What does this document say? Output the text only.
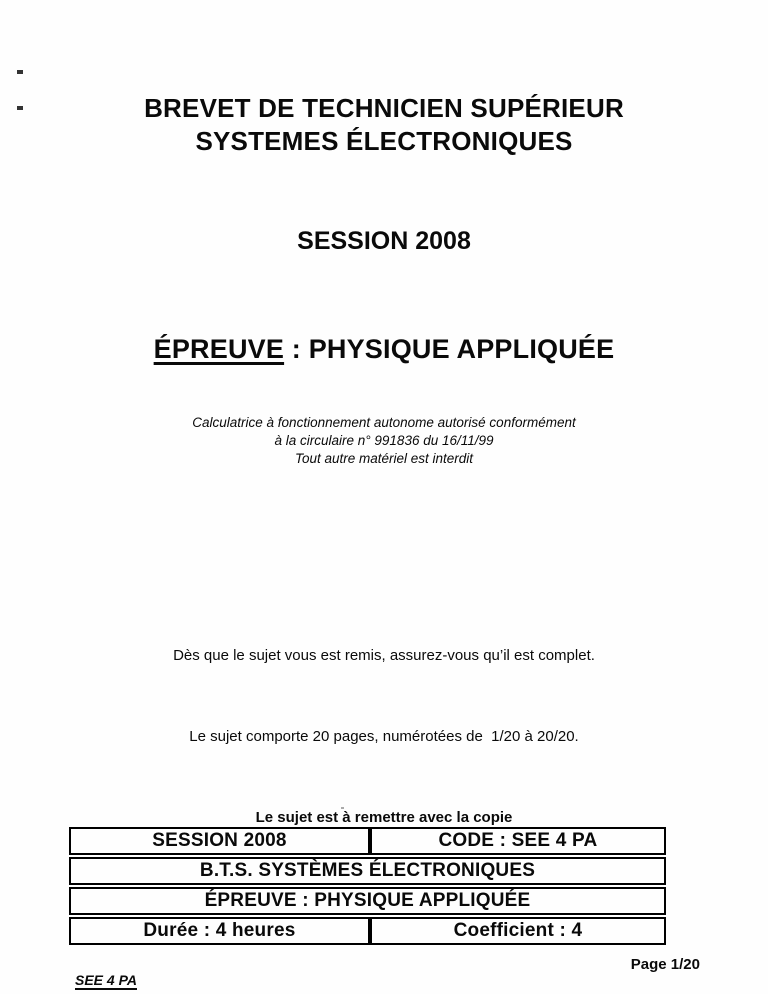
BREVET DE TECHNICIEN SUPÉRIEUR
SYSTEMES ÉLECTRONIQUES
SESSION 2008
ÉPREUVE : PHYSIQUE APPLIQUÉE
Calculatrice à fonctionnement autonome autorisé conformément
à la circulaire n° 991836 du 16/11/99
Tout autre matériel est interdit

Dès que le sujet vous est remis, assurez-vous qu’il est complet.

Le sujet comporte 20 pages, numérotées de  1/20 à 20/20.

Le sujet est à remettre avec la copie

SESSION 2008	CODE : SEE 4 PA
B.T.S. SYSTÈMES ÉLECTRONIQUES	
ÉPREUVE : PHYSIQUE APPLIQUÉE	
Durée : 4 heures	Coefficient : 4
Page 1/20
SEE 4 PA
